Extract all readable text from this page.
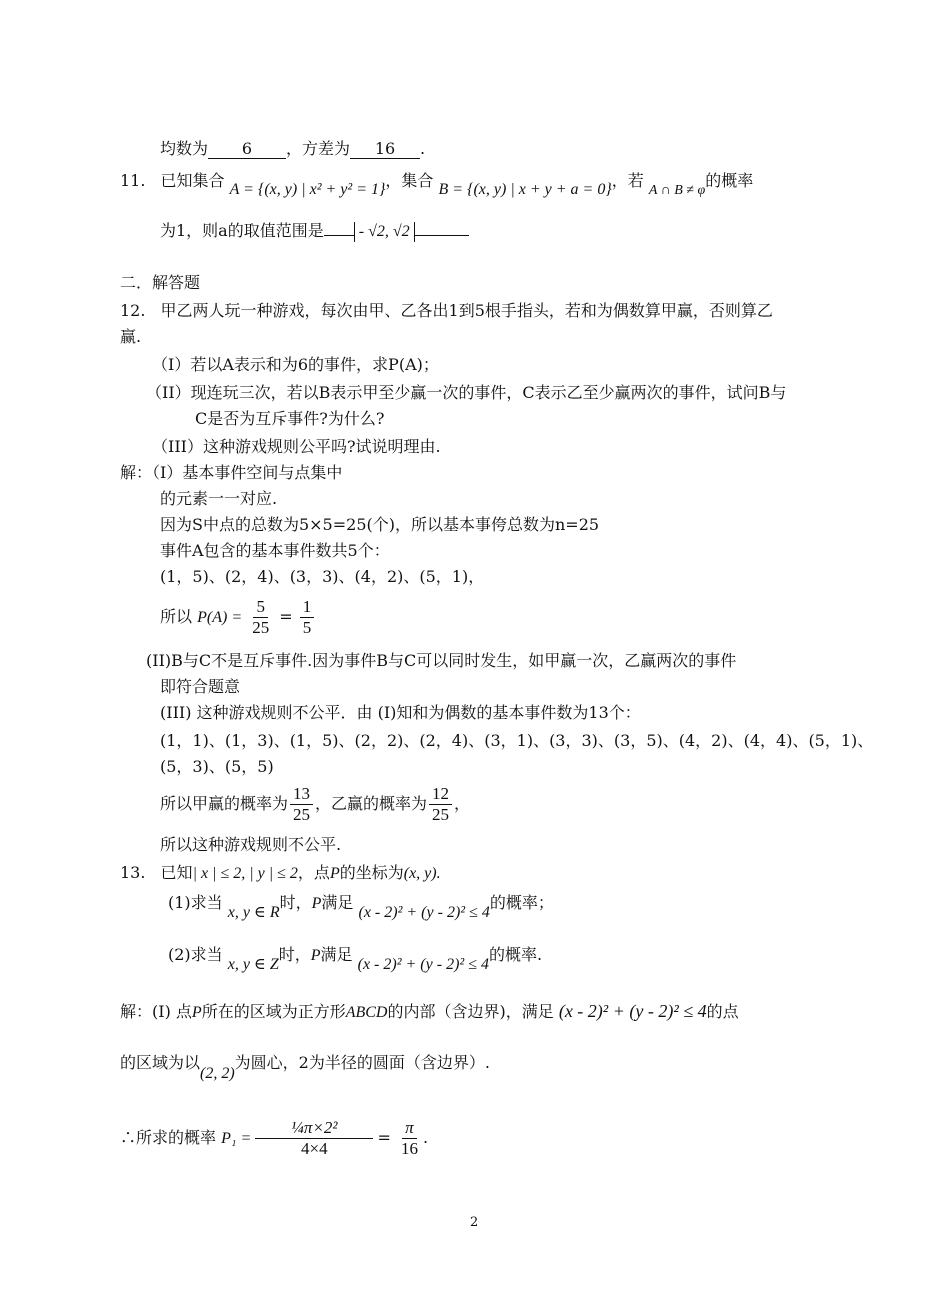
均数为 6 ，方差为 16 .
11. 已知集合 A = {(x, y) | x² + y² = 1}，集合 B = {(x, y) | x + y + a = 0}，若 A ∩ B ≠ φ的概率
为1，则a的取值范围是 - √2, √2
二．解答题
12. 甲乙两人玩一种游戏，每次由甲、乙各出1到5根手指头，若和为偶数算甲赢，否则算乙
赢.
（I）若以A表示和为6的事件，求P(A)；
（II）现连玩三次，若以B表示甲至少赢一次的事件，C表示乙至少赢两次的事件，试问B与
C是否为互斥事件?为什么?
（III）这种游戏规则公平吗?试说明理由.
解：（I）基本事件空间与点集中
的元素一一对应.
因为S中点的总数为5×5=25(个)，所以基本事侉总数为n=25
事件A包含的基本事件数共5个：
(1，5)、(2，4)、(3，3)、(4，2)、(5，1)，
所以 $P(A) = \frac{5}{25} = \frac{1}{5}$
(II)B与C不是互斥事件.因为事件B与C可以同时发生，如甲赢一次，乙赢两次的事件
即符合题意
(III) 这种游戏规则不公平．由 (Ⅰ)知和为偶数的基本事件数为13个：
(1，1)、(1，3)、(1，5)、(2，2)、(2，4)、(3，1)、(3，3)、(3，5)、(4，2)、(4，4)、(5，1)、
(5，3)、(5，5)
所以甲赢的概率为 $\frac{13}{25}$ ，乙赢的概率为 $\frac{12}{25}$ ，
所以这种游戏规则不公平.
13. 已知| x | ≤ 2, | y | ≤ 2，点P的坐标为(x, y).
(1)求当 x, y ∈ R时，P满足 (x - 2)² + (y - 2)² ≤ 4的概率；
(2)求当 x, y ∈ Z时，P满足 (x - 2)² + (y - 2)² ≤ 4的概率.
解：(Ⅰ) 点P所在的区域为正方形ABCD的内部（含边界)，满足 (x - 2)² + (y - 2)² ≤ 4的点
的区域为以(2, 2)为圆心，2为半径的圆面（含边界）.
∴所求的概率 $P_1 = \frac{\text{¼π×2²}}{4\times 4} = \frac{\pi}{16}$ .
2
